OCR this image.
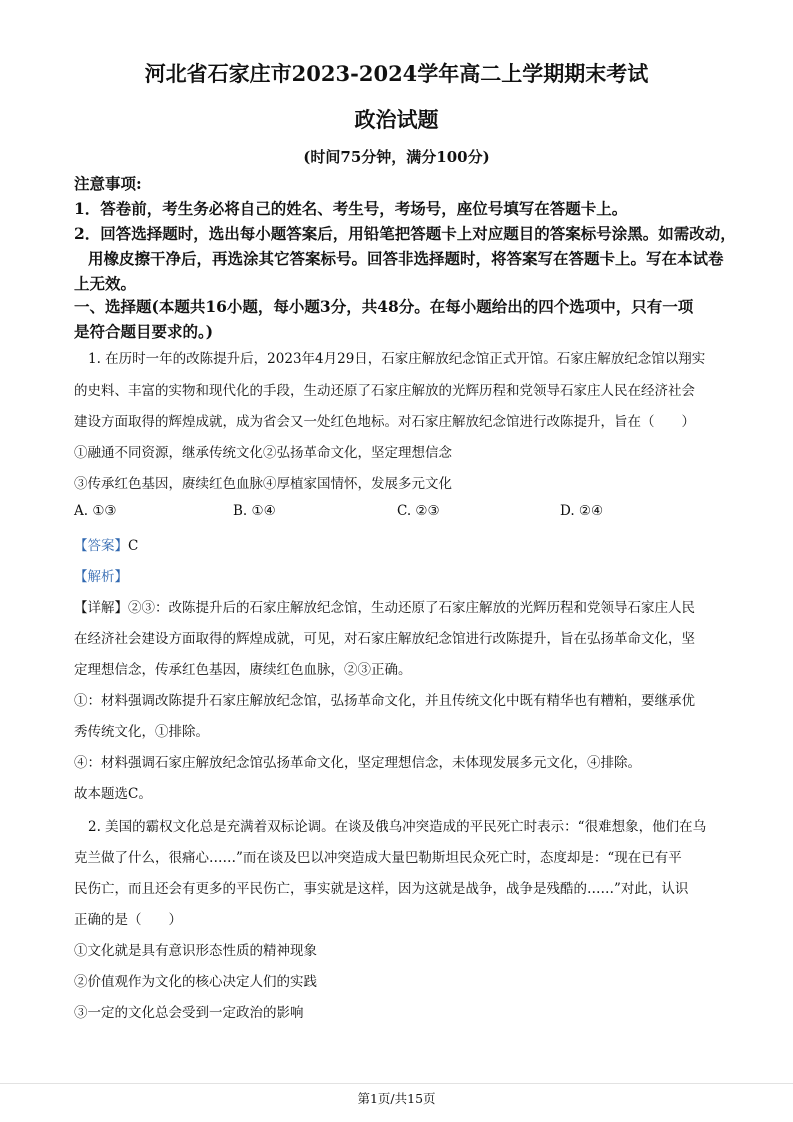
河北省石家庄市2023-2024学年高二上学期期末考试
政治试题
(时间75分钟，满分100分)
注意事项:
1．答卷前，考生务必将自己的姓名、考生号，考场号，座位号填写在答题卡上。
2．回答选择题时，选出每小题答案后，用铅笔把答题卡上对应题目的答案标号涂黑。如需改动，
用橡皮擦干净后，再选涂其它答案标号。回答非选择题时，将答案写在答题卡上。写在本试卷
上无效。
一、选择题(本题共16小题，每小题3分，共48分。在每小题给出的四个选项中，只有一项
是符合题目要求的。)
1. 在历时一年的改陈提升后，2023年4月29日，石家庄解放纪念馆正式开馆。石家庄解放纪念馆以翔实
的史料、丰富的实物和现代化的手段，生动还原了石家庄解放的光辉历程和党领导石家庄人民在经济社会
建设方面取得的辉煌成就，成为省会又一处红色地标。对石家庄解放纪念馆进行改陈提升，旨在（　　）
①融通不同资源，继承传统文化②弘扬革命文化，坚定理想信念
③传承红色基因，赓续红色血脉④厚植家国情怀，发展多元文化
A. ①③	B. ①④	C. ②③	D. ②④
【答案】C
【解析】
【详解】②③：改陈提升后的石家庄解放纪念馆，生动还原了石家庄解放的光辉历程和党领导石家庄人民
在经济社会建设方面取得的辉煌成就，可见，对石家庄解放纪念馆进行改陈提升，旨在弘扬革命文化，坚
定理想信念，传承红色基因，赓续红色血脉，②③正确。
①：材料强调改陈提升石家庄解放纪念馆，弘扬革命文化，并且传统文化中既有精华也有糟粕，要继承优
秀传统文化，①排除。
④：材料强调石家庄解放纪念馆弘扬革命文化，坚定理想信念，未体现发展多元文化，④排除。
故本题选C。
2. 美国的霸权文化总是充满着双标论调。在谈及俄乌冲突造成的平民死亡时表示：“很难想象，他们在乌
克兰做了什么，很痛心……”而在谈及巴以冲突造成大量巴勒斯坦民众死亡时，态度却是：“现在已有平
民伤亡，而且还会有更多的平民伤亡，事实就是这样，因为这就是战争，战争是残酷的……”对此，认识
正确的是（　　）
①文化就是具有意识形态性质的精神现象
②价值观作为文化的核心决定人们的实践
③一定的文化总会受到一定政治的影响
第1页/共15页
